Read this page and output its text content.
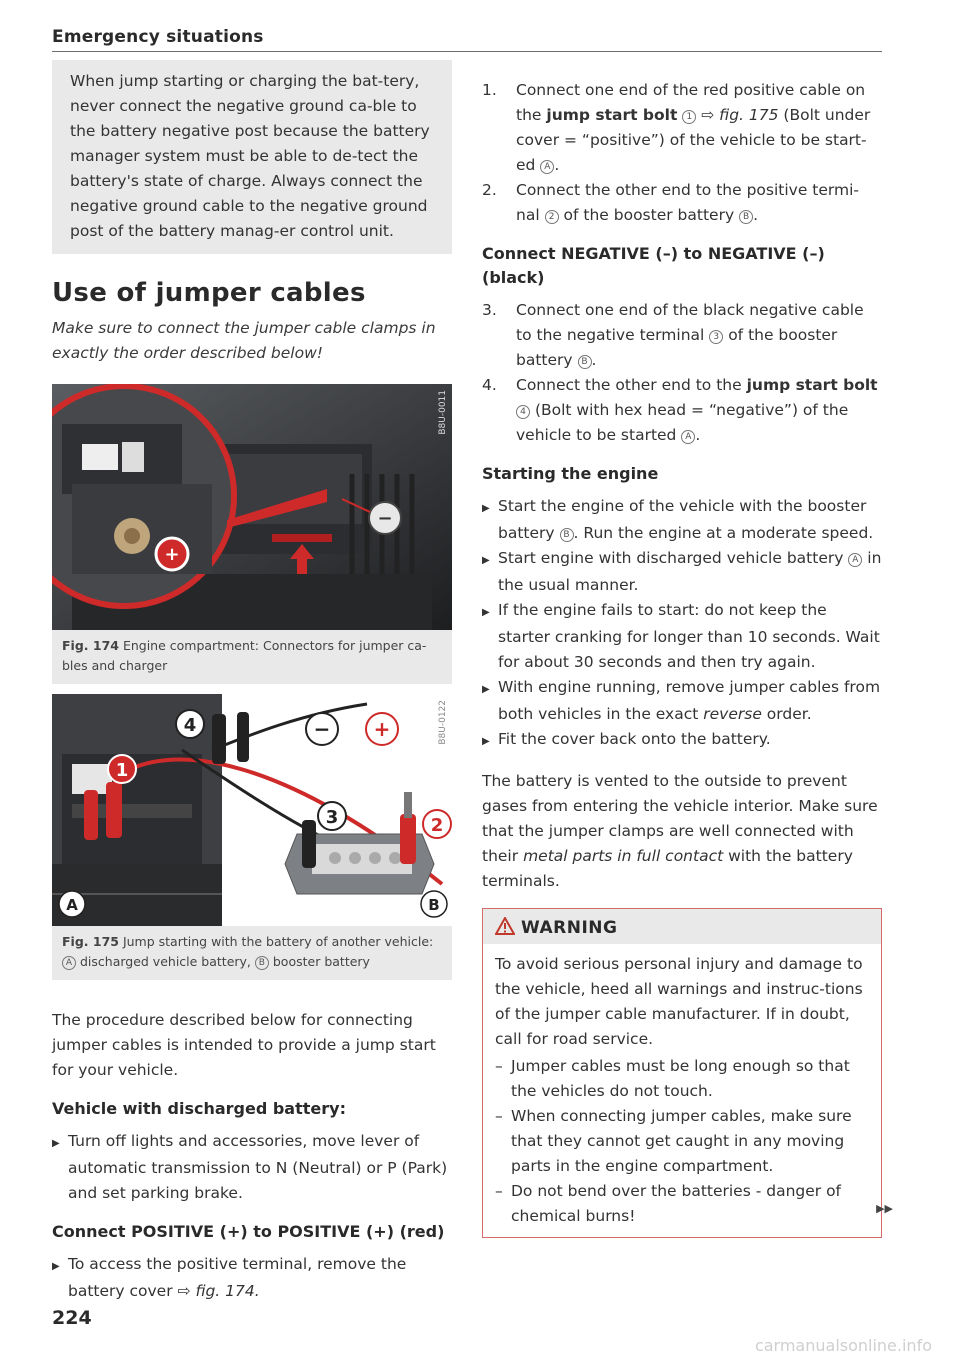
Emergency situations
When jump starting or charging the bat-tery, never connect the negative ground ca-ble to the battery negative post because the battery manager system must be able to de-tect the battery's state of charge. Always connect the negative ground cable to the negative ground post of the battery manag-er control unit.
Use of jumper cables
Make sure to connect the jumper cable clamps in exactly the order described below!
+
−
B8U-0011
Fig. 174 Engine compartment: Connectors for jumper ca-bles and charger
4
1
3	2
− +
A	B
B8U-0122
Fig. 175 Jump starting with the battery of another vehicle: A discharged vehicle battery, B booster battery
The procedure described below for connecting jumper cables is intended to provide a jump start for your vehicle.
Vehicle with discharged battery:
▶ Turn off lights and accessories, move lever of automatic transmission to N (Neutral) or P (Park) and set parking brake.
Connect POSITIVE (+) to POSITIVE (+) (red)
▶ To access the positive terminal, remove the battery cover ⇨ fig. 174.
1. Connect one end of the red positive cable on the jump start bolt 1 ⇨ fig. 175 (Bolt under cover = “positive”) of the vehicle to be start-ed A .
2. Connect the other end to the positive termi-nal 2 of the booster battery B .
Connect NEGATIVE (–) to NEGATIVE (–) (black)
3. Connect one end of the black negative cable to the negative terminal 3 of the booster battery B .
4. Connect the other end to the jump start bolt 4 (Bolt with hex head = “negative”) of the vehicle to be started A .
Starting the engine
▶ Start the engine of the vehicle with the booster battery B . Run the engine at a moderate speed.
▶ Start engine with discharged vehicle battery A in the usual manner.
▶ If the engine fails to start: do not keep the starter cranking for longer than 10 seconds. Wait for about 30 seconds and then try again.
▶ With engine running, remove jumper cables from both vehicles in the exact reverse order.
▶ Fit the cover back onto the battery.
The battery is vented to the outside to prevent gases from entering the vehicle interior. Make sure that the jumper clamps are well connected with their metal parts in full contact with the battery terminals.
WARNING
To avoid serious personal injury and damage to the vehicle, heed all warnings and instruc-tions of the jumper cable manufacturer. If in doubt, call for road service.
– Jumper cables must be long enough so that the vehicles do not touch.
– When connecting jumper cables, make sure that they cannot get caught in any moving parts in the engine compartment.
– Do not bend over the batteries - danger of chemical burns!	▶▶
224
carmanualsonline.info
